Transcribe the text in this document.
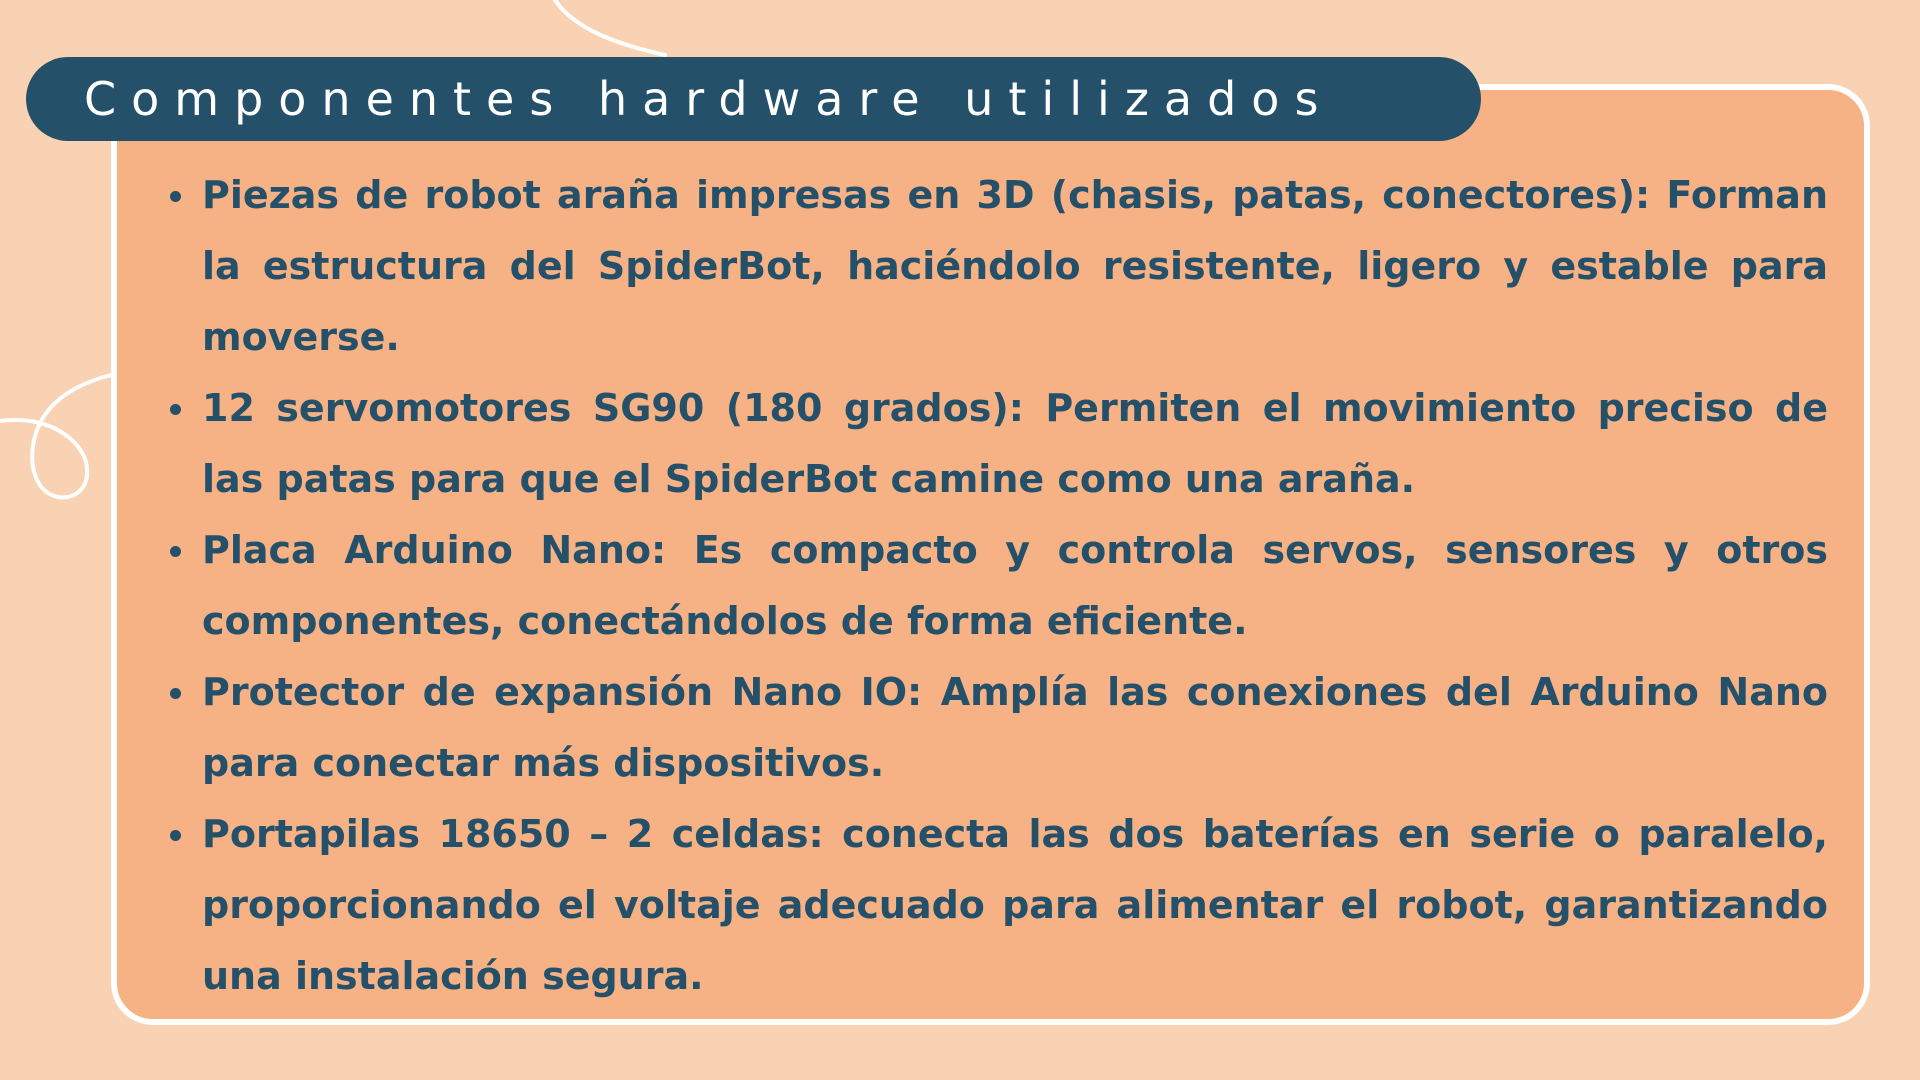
Componentes hardware utilizados
Piezas de robot araña impresas en 3D (chasis, patas, conectores): Forman la estructura del SpiderBot, haciéndolo resistente, ligero y estable para moverse.
12 servomotores SG90 (180 grados): Permiten el movimiento preciso de las patas para que el SpiderBot camine como una araña.
Placa Arduino Nano: Es compacto y controla servos, sensores y otros componentes, conectándolos de forma eficiente.
Protector de expansión Nano IO: Amplía las conexiones del Arduino Nano para conectar más dispositivos.
Portapilas 18650 – 2 celdas: conecta las dos baterías en serie o paralelo, proporcionando el voltaje adecuado para alimentar el robot, garantizando una instalación segura.
